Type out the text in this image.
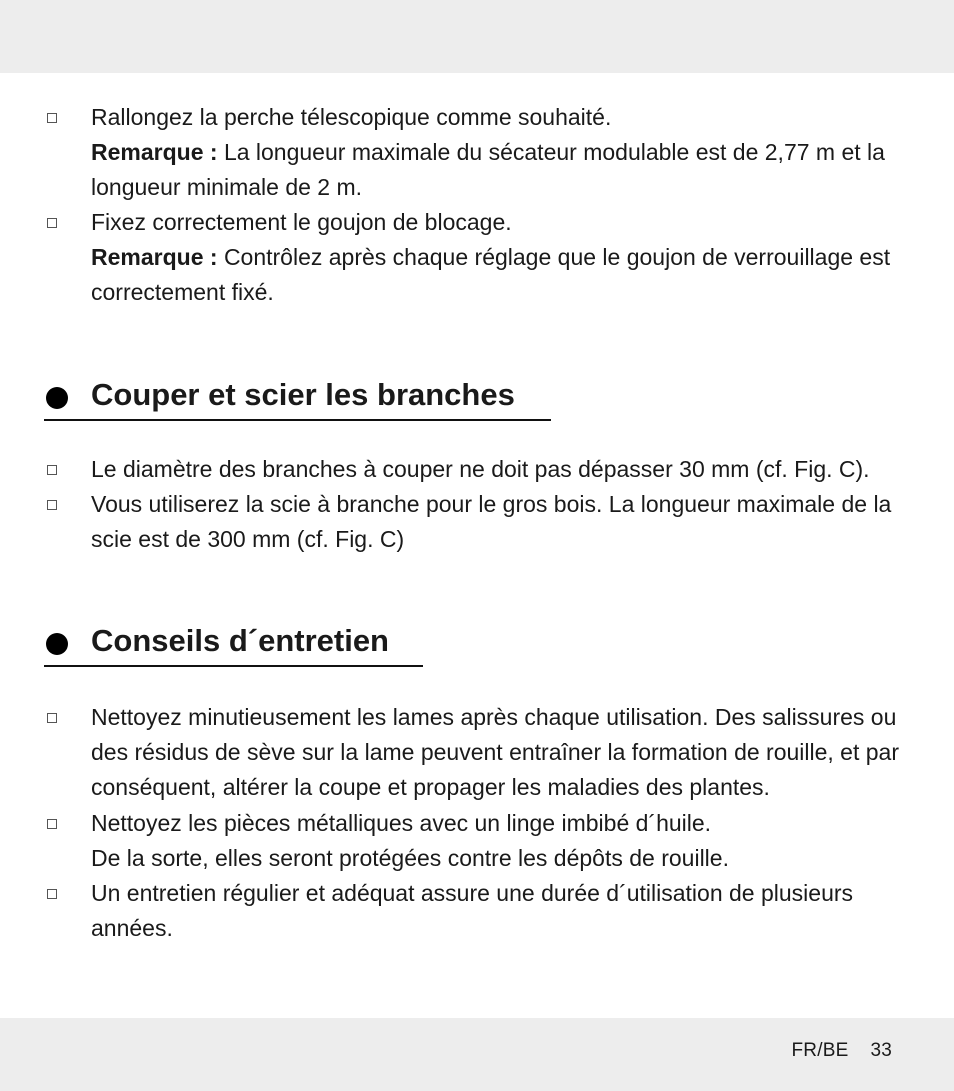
Rallongez la perche télescopique comme souhaité.
Remarque : La longueur maximale du sécateur modulable est de 2,77 m et la longueur minimale de 2 m.
Fixez correctement le goujon de blocage.
Remarque : Contrôlez après chaque réglage que le goujon de verrouillage est correctement fixé.
Couper et scier les branches
Le diamètre des branches à couper ne doit pas dépasser 30 mm (cf. Fig. C).
Vous utiliserez la scie à branche pour le gros bois. La longueur maximale de la scie est de 300 mm (cf. Fig. C)
Conseils d´entretien
Nettoyez minutieusement les lames après chaque utilisation. Des salissures ou des résidus de sève sur la lame peuvent entraîner la formation de rouille, et par conséquent, altérer la coupe et propager les maladies des plantes.
Nettoyez les pièces métalliques avec un linge imbibé d´huile.
De la sorte, elles seront protégées contre les dépôts de rouille.
Un entretien régulier et adéquat assure une durée d´utilisation de plusieurs années.
FR/BE 33
